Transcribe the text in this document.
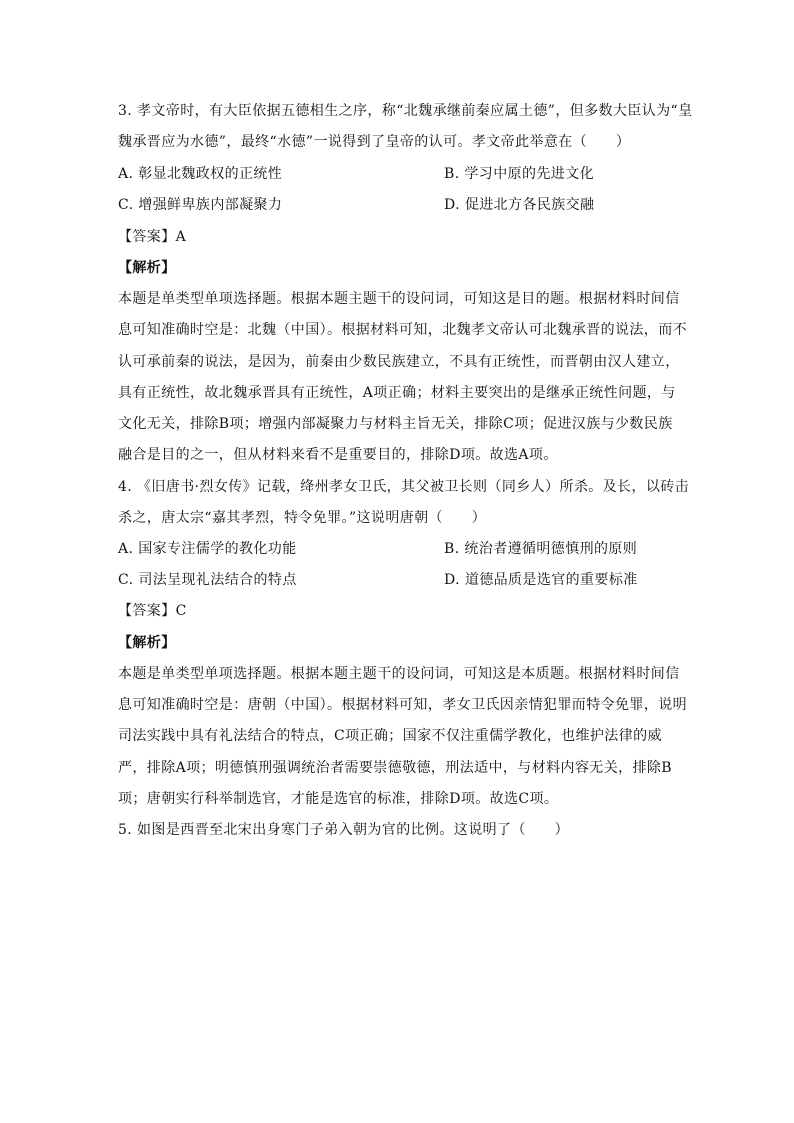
3. 孝文帝时，有大臣依据五德相生之序，称“北魏承继前秦应属土德”，但多数大臣认为“皇
魏承晋应为水德”，最终“水德”一说得到了皇帝的认可。孝文帝此举意在（　　）
A. 彰显北魏政权的正统性	B. 学习中原的先进文化
C. 增强鲜卑族内部凝聚力	D. 促进北方各民族交融
【答案】A
【解析】
本题是单类型单项选择题。根据本题主题干的设问词，可知这是目的题。根据材料时间信
息可知准确时空是：北魏（中国）。根据材料可知，北魏孝文帝认可北魏承晋的说法，而不
认可承前秦的说法，是因为，前秦由少数民族建立，不具有正统性，而晋朝由汉人建立，
具有正统性，故北魏承晋具有正统性，A项正确；材料主要突出的是继承正统性问题，与
文化无关，排除B项；增强内部凝聚力与材料主旨无关，排除C项；促进汉族与少数民族
融合是目的之一，但从材料来看不是重要目的，排除D项。故选A项。
4. 《旧唐书·烈女传》记载，绛州孝女卫氏，其父被卫长则（同乡人）所杀。及长，以砖击
杀之，唐太宗“嘉其孝烈，特令免罪。”这说明唐朝（　　）
A. 国家专注儒学的教化功能	B. 统治者遵循明德慎刑的原则
C. 司法呈现礼法结合的特点	D. 道德品质是选官的重要标准
【答案】C
【解析】
本题是单类型单项选择题。根据本题主题干的设问词，可知这是本质题。根据材料时间信
息可知准确时空是：唐朝（中国）。根据材料可知，孝女卫氏因亲情犯罪而特令免罪，说明
司法实践中具有礼法结合的特点，C项正确；国家不仅注重儒学教化，也维护法律的威
严，排除A项；明德慎刑强调统治者需要崇德敬德，刑法适中，与材料内容无关，排除B
项；唐朝实行科举制选官，才能是选官的标准，排除D项。故选C项。
5. 如图是西晋至北宋出身寒门子弟入朝为官的比例。这说明了（　　）
